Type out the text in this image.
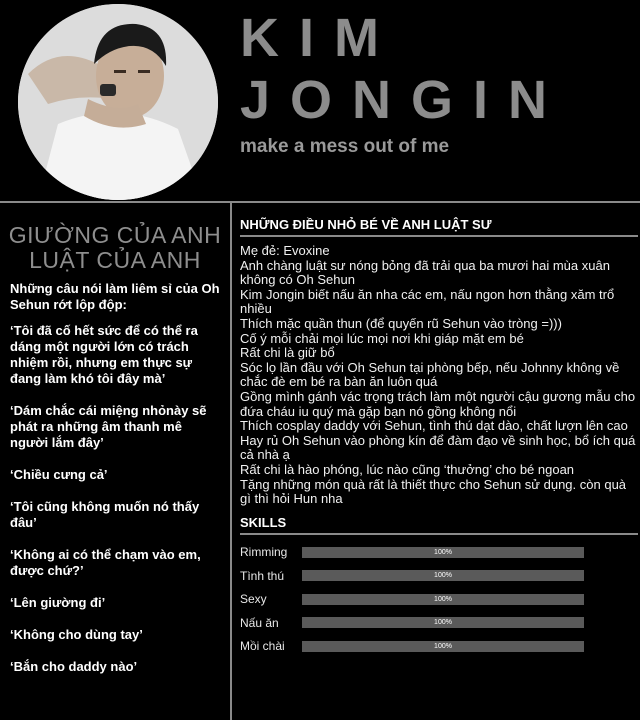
KIM
JONGIN
make a mess out of me
GIƯỜNG CỦA ANH LUẬT CỦA ANH
Những câu nói làm liêm sỉ của Oh Sehun rớt lộp độp:
‘Tôi đã cố hết sức để có thể ra dáng một người lớn có trách nhiệm rồi, nhưng em thực sự đang làm khó tôi đây mà’
‘Dám chắc cái miệng nhỏnày sẽ phát ra những âm thanh mê người lắm đây’
‘Chiều cưng cả’
‘Tôi cũng không muốn nó thấy đâu’
‘Không ai có thể chạm vào em, được chứ?’
‘Lên giường đi’
‘Không cho dùng tay’
‘Bắn cho daddy nào’
NHỮNG ĐIỀU NHỎ BÉ VỀ ANH LUẬT SƯ
Mẹ đẻ: Evoxine
Anh chàng luật sư nóng bỏng đã trải qua ba mươi hai mùa xuân không có Oh Sehun
Kim Jongin biết nấu ăn nha các em, nấu ngon hơn thằng xăm trổ nhiều
Thích mặc quần thun (để quyến rũ Sehun vào tròng =)))
Cố ý mỗi chải mọi lúc mọi nơi khi giáp mặt em bé
Rất chi là giữ bổ
Sóc lọ lần đầu với Oh Sehun tại phòng bếp, nếu Johnny không về chắc đè em bé ra bàn ăn luôn quá
Gồng mình gánh vác trọng trách làm một người cậu gương mẫu cho đứa cháu iu quý mà gặp bạn nó gồng không nổi
Thích cosplay daddy với Sehun, tình thú dạt dào, chất lượn lên cao
Hay rủ Oh Sehun vào phòng kín để đàm đạo về sinh học, bổ ích quá cả nhà ạ
Rất chi là hào phóng, lúc nào cũng ‘thưởng’ cho bé ngoan
Tặng những món quà rất là thiết thực cho Sehun sử dụng. còn quà gì thì hỏi Hun nha
SKILLS
Rimming	100%
Tình thú	100%
Sexy	100%
Nấu ăn	100%
Mồi chài	100%
